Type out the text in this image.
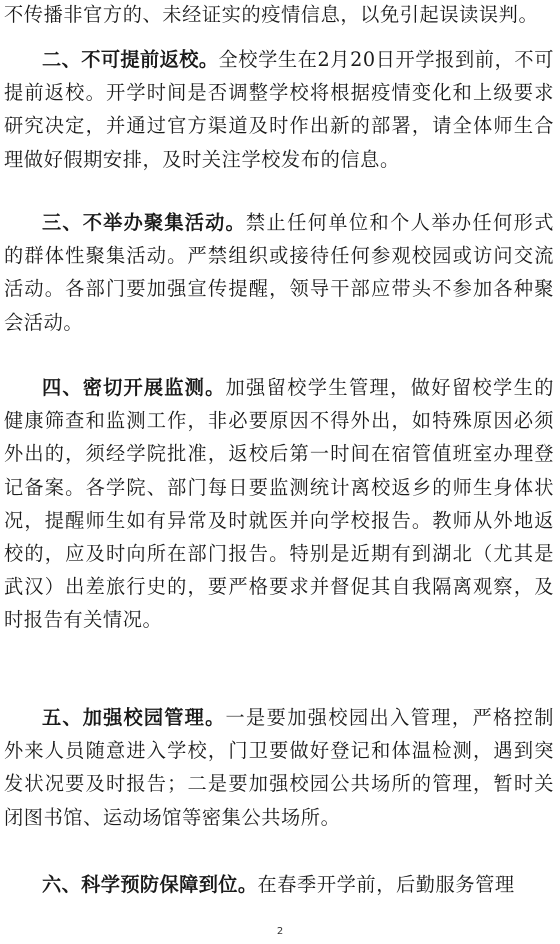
不传播非官方的、未经证实的疫情信息，以免引起误读误判。

二、不可提前返校。全校学生在2月20日开学报到前，不可提前返校。开学时间是否调整学校将根据疫情变化和上级要求研究决定，并通过官方渠道及时作出新的部署，请全体师生合理做好假期安排，及时关注学校发布的信息。

三、不举办聚集活动。禁止任何单位和个人举办任何形式的群体性聚集活动。严禁组织或接待任何参观校园或访问交流活动。各部门要加强宣传提醒，领导干部应带头不参加各种聚会活动。

四、密切开展监测。加强留校学生管理，做好留校学生的健康筛查和监测工作，非必要原因不得外出，如特殊原因必须外出的，须经学院批准，返校后第一时间在宿管值班室办理登记备案。各学院、部门每日要监测统计离校返乡的师生身体状况，提醒师生如有异常及时就医并向学校报告。教师从外地返校的，应及时向所在部门报告。特别是近期有到湖北（尤其是武汉）出差旅行史的，要严格要求并督促其自我隔离观察，及时报告有关情况。

五、加强校园管理。一是要加强校园出入管理，严格控制外来人员随意进入学校，门卫要做好登记和体温检测，遇到突发状况要及时报告；二是要加强校园公共场所的管理，暂时关闭图书馆、运动场馆等密集公共场所。

六、科学预防保障到位。在春季开学前，后勤服务管理

2
